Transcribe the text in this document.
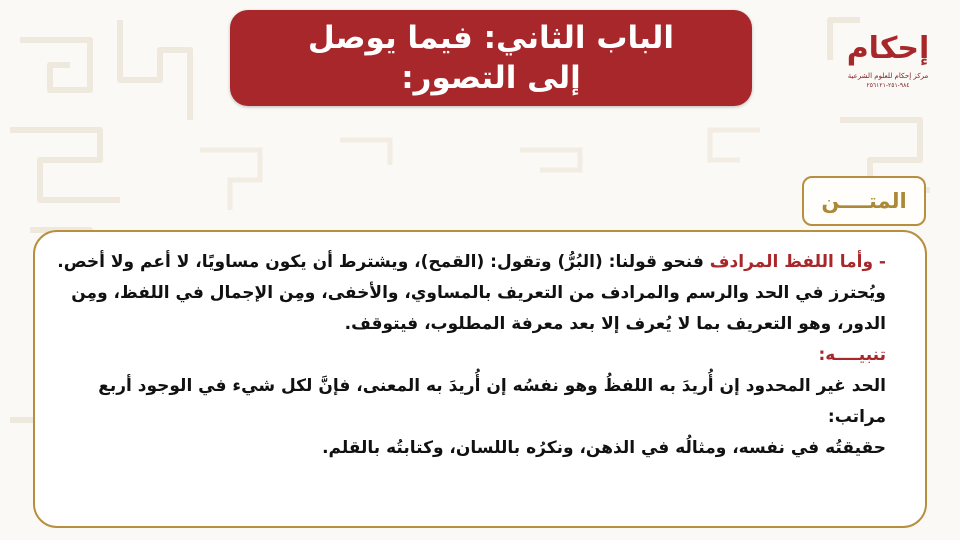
الباب الثاني: فيما يوصل
إلى التصور:

إحكام
مركز إحكام للعلوم الشرعية
٩٨٤-٢٥١-٢٥٦١٢١
المتــــن

- وأما اللفظ المرادف فنحو قولنا: (البُرُّ) وتقول: (القمح)، ويشترط أن يكون مساويًا، لا أعم ولا أخص.

ويُحترز في الحد والرسم والمرادف من التعريف بالمساوي، والأخفى، ومِن الإجمال في اللفظ، ومِن الدور، وهو التعريف بما لا يُعرف إلا بعد معرفة المطلوب، فيتوقف.

تنبيــــه:

الحد غير المحدود إن أُريدَ به اللفظُ وهو نفسُه إن أُريدَ به المعنى، فإنَّ لكل شيء في الوجود أربع مراتب:

حقيقتُه في نفسه، ومثالُه في الذهن، ونكرُه باللسان، وكتابتُه بالقلم.
